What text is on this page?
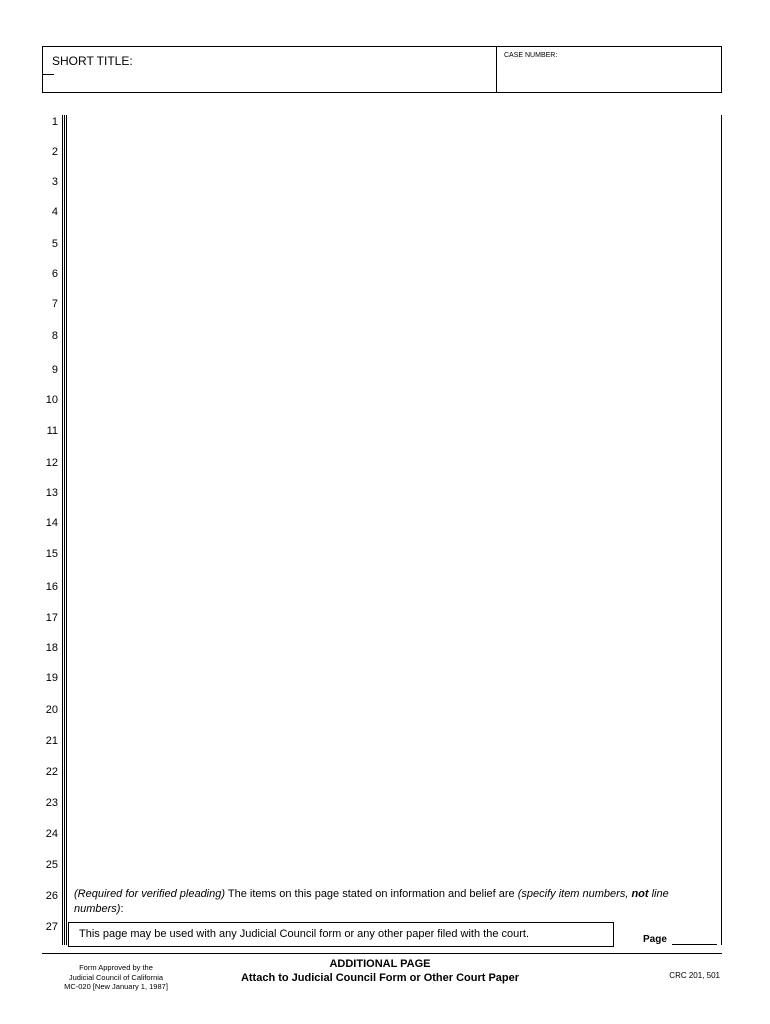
SHORT TITLE:	CASE NUMBER:
1
2
3
4
5
6
7
8
9
10
11
12
13
14
15
16
17
18
19
20
21
22
23
24
25
26
27
(Required for verified pleading) The items on this page stated on information and belief are (specify item numbers, not line numbers):
This page may be used with any Judicial Council form or any other paper filed with the court.	Page
Form Approved by the
Judicial Council of California
MC-020 [New January 1, 1987]
ADDITIONAL PAGE
Attach to Judicial Council Form or Other Court Paper	CRC 201, 501
